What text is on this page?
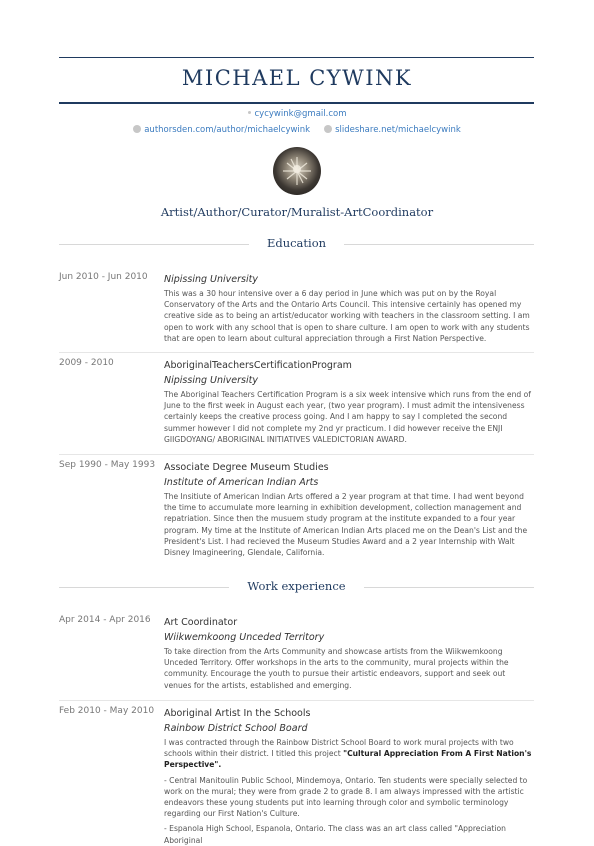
MICHAEL CYWINK
cycywink@gmail.com
authorsden.com/author/michaelcywink	slideshare.net/michaelcywink
Artist/Author/Curator/Muralist-ArtCoordinator
Education
Jun 2010 - Jun 2010 Nipissing University

This was a 30 hour intensive over a 6 day period in June which was put on by the Royal Conservatory of the Arts and the Ontario Arts Council. This intensive certainly has opened my creative side as to being an artist/educator working with teachers in the classroom setting. I am open to work with any school that is open to share culture. I am open to work with any students that are open to learn about cultural appreciation through a First Nation Perspective.

2009 - 2010	AboriginalTeachersCertificationProgram
Nipissing University

The Aboriginal Teachers Certification Program is a six week intensive which runs from the end of June to the first week in August each year, (two year program). I must admit the intensiveness certainly keeps the creative process going. And I am happy to say I completed the second summer however I did not complete my 2nd yr practicum. I did however receive the ENJI GIIGDOYANG/ ABORIGINAL INITIATIVES VALEDICTORIAN AWARD.

Sep 1990 - May 1993 Associate Degree Museum Studies
Institute of American Indian Arts

The Insitiute of American Indian Arts offered a 2 year program at that time. I had went beyond the time to accumulate more learning in exhibition development, collection management and repatriation. Since then the musuem study program at the institute expanded to a four year program. My time at the Institute of American Indian Arts placed me on the Dean's List and the President's List. I had recieved the Museum Studies Award and a 2 year Internship with Walt Disney Imagineering, Glendale, California.

Work experience
Apr 2014 - Apr 2016 Art Coordinator
Wiikwemkoong Unceded Territory

To take direction from the Arts Community and showcase artists from the Wiikwemkoong Unceded Territory. Offer workshops in the arts to the community, mural projects within the community. Encourage the youth to pursue their artistic endeavors, support and seek out venues for the artists, established and emerging.

Feb 2010 - May 2010 Aboriginal Artist In the Schools
Rainbow District School Board

I was contracted through the Rainbow District School Board to work mural projects with two schools within their district. I titled this project "Cultural Appreciation From A First Nation's Perspective".

- Central Manitoulin Public School, Mindemoya, Ontario. Ten students were specially selected to work on the mural; they were from grade 2 to grade 8. I am always impressed with the artistic endeavors these young students put into learning through color and symbolic terminology regarding our First Nation's Culture.

- Espanola High School, Espanola, Ontario. The class was an art class called "Appreciation Aboriginal
